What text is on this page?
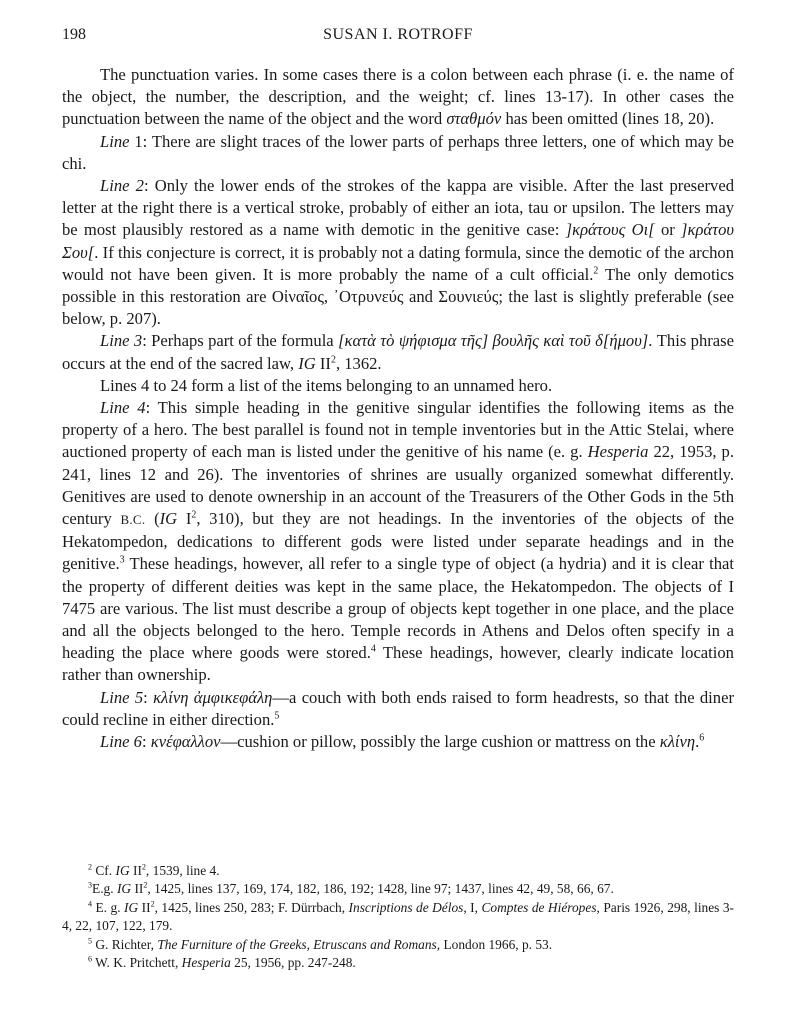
198	SUSAN I. ROTROFF

The punctuation varies. In some cases there is a colon between each phrase (i. e. the name of the object, the number, the description, and the weight; cf. lines 13-17). In other cases the punctuation between the name of the object and the word σταθμόν has been omitted (lines 18, 20).

Line 1: There are slight traces of the lower parts of perhaps three letters, one of which may be chi.

Line 2: Only the lower ends of the strokes of the kappa are visible. After the last preserved letter at the right there is a vertical stroke, probably of either an iota, tau or upsilon. The letters may be most plausibly restored as a name with demotic in the genitive case: ]κράτους Οι[ or ]κράτου Σου[. If this conjecture is correct, it is probably not a dating formula, since the demotic of the archon would not have been given. It is more probably the name of a cult official.$^2$ The only demotics possible in this restoration are Οἰναῖος, ᾿Οτρυνεύς and Σουνιεύς; the last is slightly preferable (see below, p. 207).

Line 3: Perhaps part of the formula [κατὰ τὸ ψήφισμα τῆς] βουλῆς καὶ τοῦ δ[ήμου]. This phrase occurs at the end of the sacred law, IG $II^2$, 1362.

Lines 4 to 24 form a list of the items belonging to an unnamed hero.

Line 4: This simple heading in the genitive singular identifies the following items as the property of a hero. The best parallel is found not in temple inventories but in the Attic Stelai, where auctioned property of each man is listed under the genitive of his name (e. g. Hesperia 22, 1953, p. 241, lines 12 and 26). The inventories of shrines are usually organized somewhat differently. Genitives are used to denote ownership in an account of the Treasurers of the Other Gods in the 5th century B.C. (IG $I^2$, 310), but they are not headings. In the inventories of the objects of the Hekatompedon, dedications to different gods were listed under separate headings and in the genitive.$^3$ These headings, however, all refer to a single type of object (a hydria) and it is clear that the property of different deities was kept in the same place, the Hekatompedon. The objects of I 7475 are various. The list must describe a group of objects kept together in one place, and the place and all the objects belonged to the hero. Temple records in Athens and Delos often specify in a heading the place where goods were stored.$^4$ These headings, however, clearly indicate location rather than ownership.

Line 5: κλίνη ἀμφικεφάλη—a couch with both ends raised to form headrests, so that the diner could recline in either direction.$^5$

Line 6: κνέφαλλον—cushion or pillow, possibly the large cushion or mattress on the κλίνη.$^6$

$^2$ Cf. IG $II^2$, 1539, line 4.

$^3$E.g. IG $II^2$, 1425, lines 137, 169, 174, 182, 186, 192; 1428, line 97; 1437, lines 42, 49, 58, 66, 67.

$^4$ E. g. IG $II^2$, 1425, lines 250, 283; F. Dürrbach, Inscriptions de Délos, I, Comptes de Hiéropes, Paris 1926, 298, lines 3-4, 22, 107, 122, 179.

$^5$ G. Richter, The Furniture of the Greeks, Etruscans and Romans, London 1966, p. 53.

$^6$ W. K. Pritchett, Hesperia 25, 1956, pp. 247-248.
